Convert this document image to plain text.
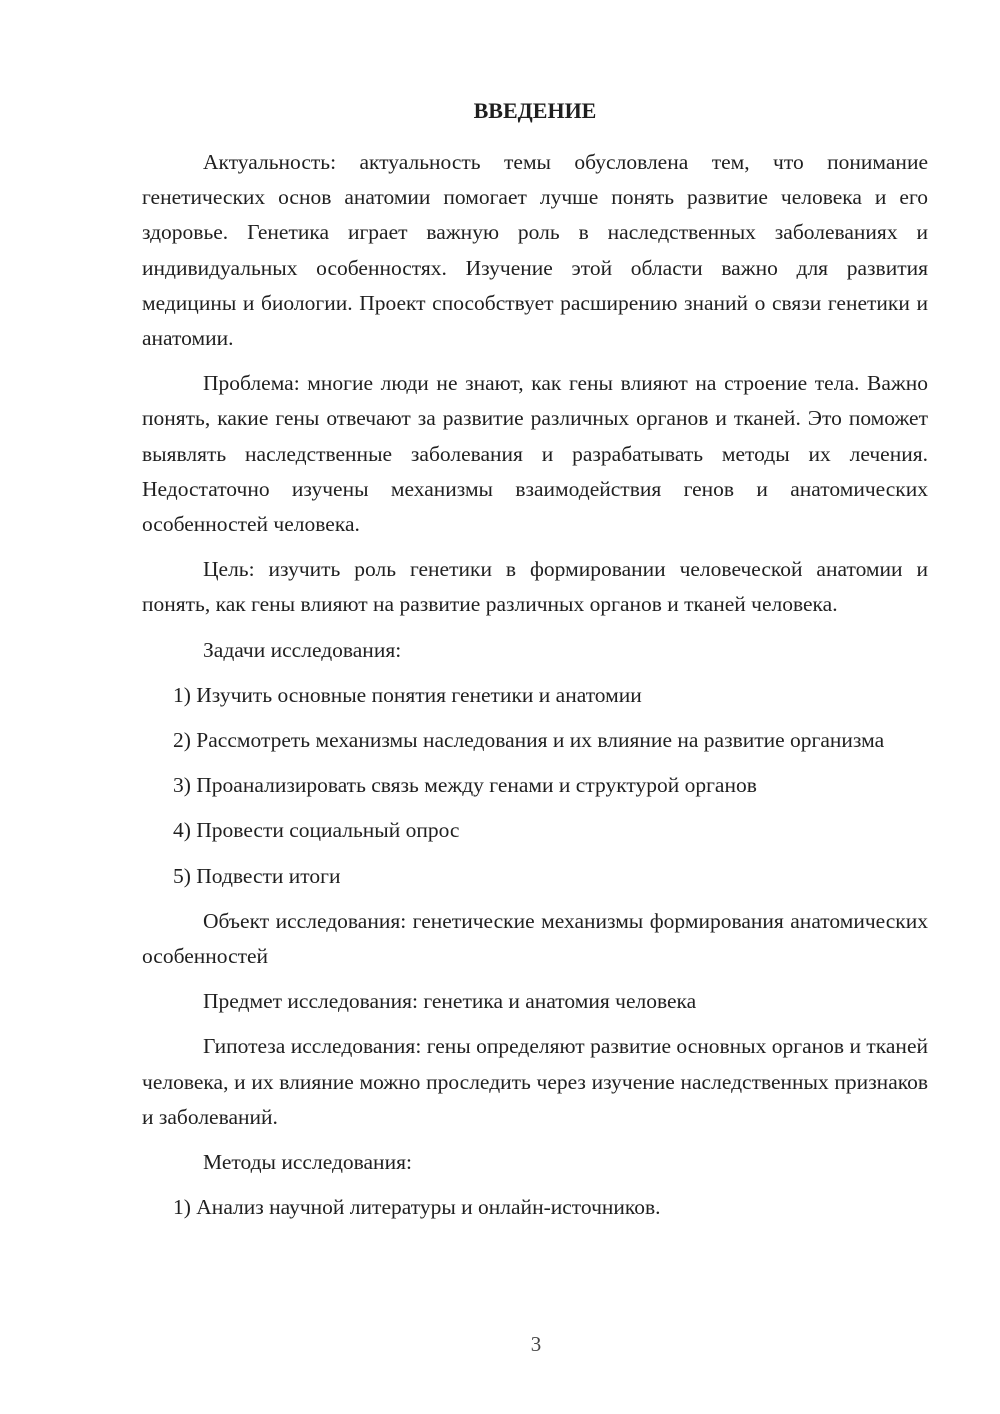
ВВЕДЕНИЕ

Актуальность: актуальность темы обусловлена тем, что понимание генетических основ анатомии помогает лучше понять развитие человека и его здоровье. Генетика играет важную роль в наследственных заболеваниях и индивидуальных особенностях. Изучение этой области важно для развития медицины и биологии. Проект способствует расширению знаний о связи генетики и анатомии.

Проблема: многие люди не знают, как гены влияют на строение тела. Важно понять, какие гены отвечают за развитие различных органов и тканей. Это поможет выявлять наследственные заболевания и разрабатывать методы их лечения. Недостаточно изучены механизмы взаимодействия генов и анатомических особенностей человека.

Цель: изучить роль генетики в формировании человеческой анатомии и понять, как гены влияют на развитие различных органов и тканей человека.

Задачи исследования:

1) Изучить основные понятия генетики и анатомии

2) Рассмотреть механизмы наследования и их влияние на развитие организма

3) Проанализировать связь между генами и структурой органов

4) Провести социальный опрос

5) Подвести итоги

Объект исследования: генетические механизмы формирования анатомических особенностей

Предмет исследования: генетика и анатомия человека

Гипотеза исследования: гены определяют развитие основных органов и тканей человека, и их влияние можно проследить через изучение наследственных признаков и заболеваний.

Методы исследования:

1) Анализ научной литературы и онлайн-источников.

3
